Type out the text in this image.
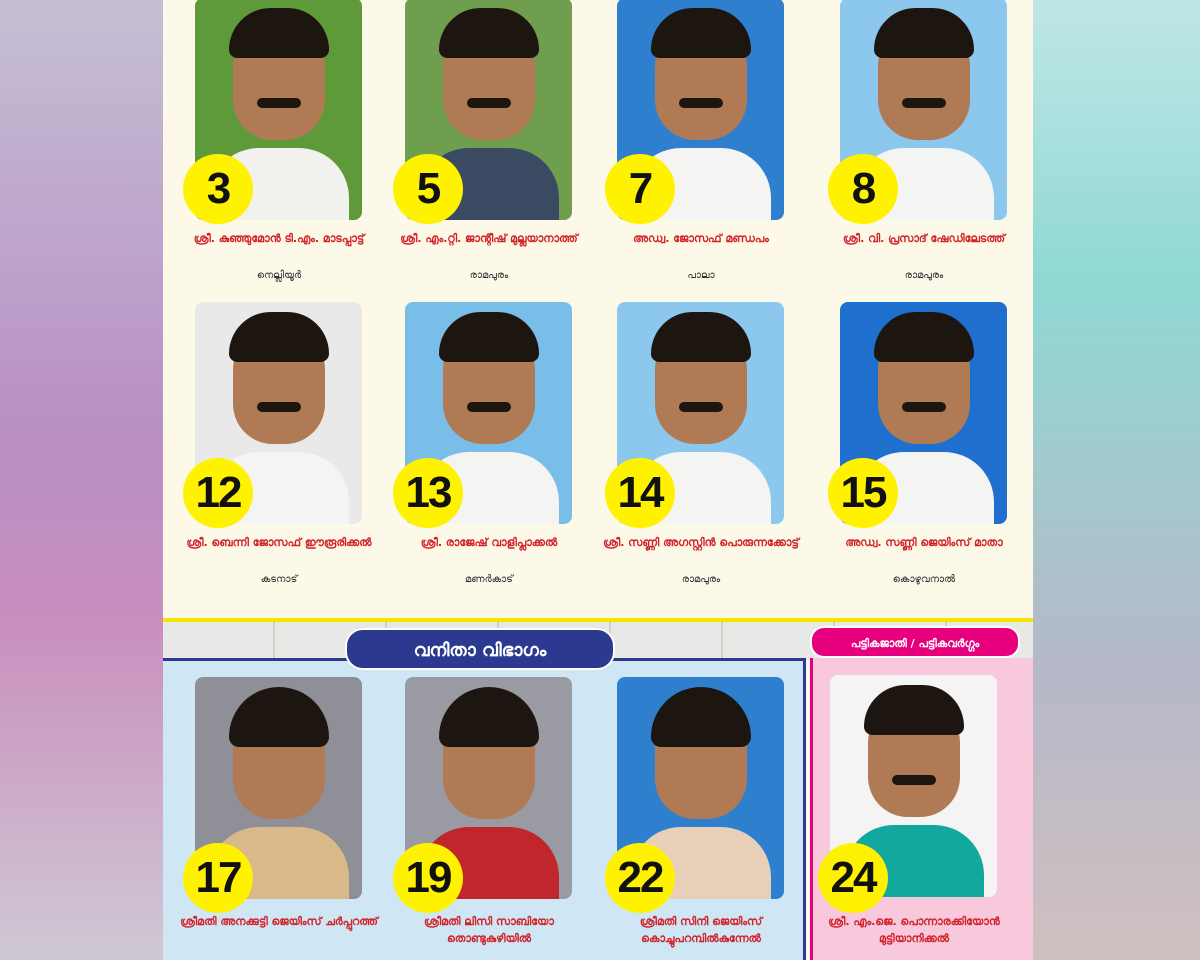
വനിതാ വിഭാഗം	പട്ടികജാതി / പട്ടികവർഗ്ഗം
3
ശ്രീ. കുഞ്ഞുമോൻ ടി.എം. മാടപ്പാട്ട്
നെല്ലിയൂർ
5
ശ്രീ. എം.റ്റി. ജാന്റീഷ് മുല്ലയാനാത്ത്
രാമപുരം
7
അഡ്വ. ജോസഫ് മണ്ഡപം
പാലാ
8
ശ്രീ. വി. പ്രസാദ് ഷേഡിലേടത്ത്
രാമപുരം
12
ശ്രീ. ബെന്നി ജോസഫ് ഈരൂരിക്കൽ
കടനാട്
13
ശ്രീ. രാജേഷ് വാളിപ്ലാക്കൽ
മണർകാട്
14
ശ്രീ. സണ്ണി അഗസ്റ്റിൻ പൊരുന്നക്കോട്ട്
രാമപുരം
15
അഡ്വ. സണ്ണി ജെയിംസ് മാതാ
കൊഴുവനാൽ
17
ശ്രീമതി അനക്കുട്ടി ജെയിംസ് ചർപ്പുറത്ത്
19
ശ്രീമതി ലിസി സാബിയോ തൊണ്ടുകുഴിയിൽ
22
ശ്രീമതി സിനി ജെയിംസ് കൊച്ചുപറമ്പിൽകുന്നേൽ
24
ശ്രീ. എം.ജെ. പൊന്നാരക്കിയോൻ മുട്ടിയാനിക്കൽ
